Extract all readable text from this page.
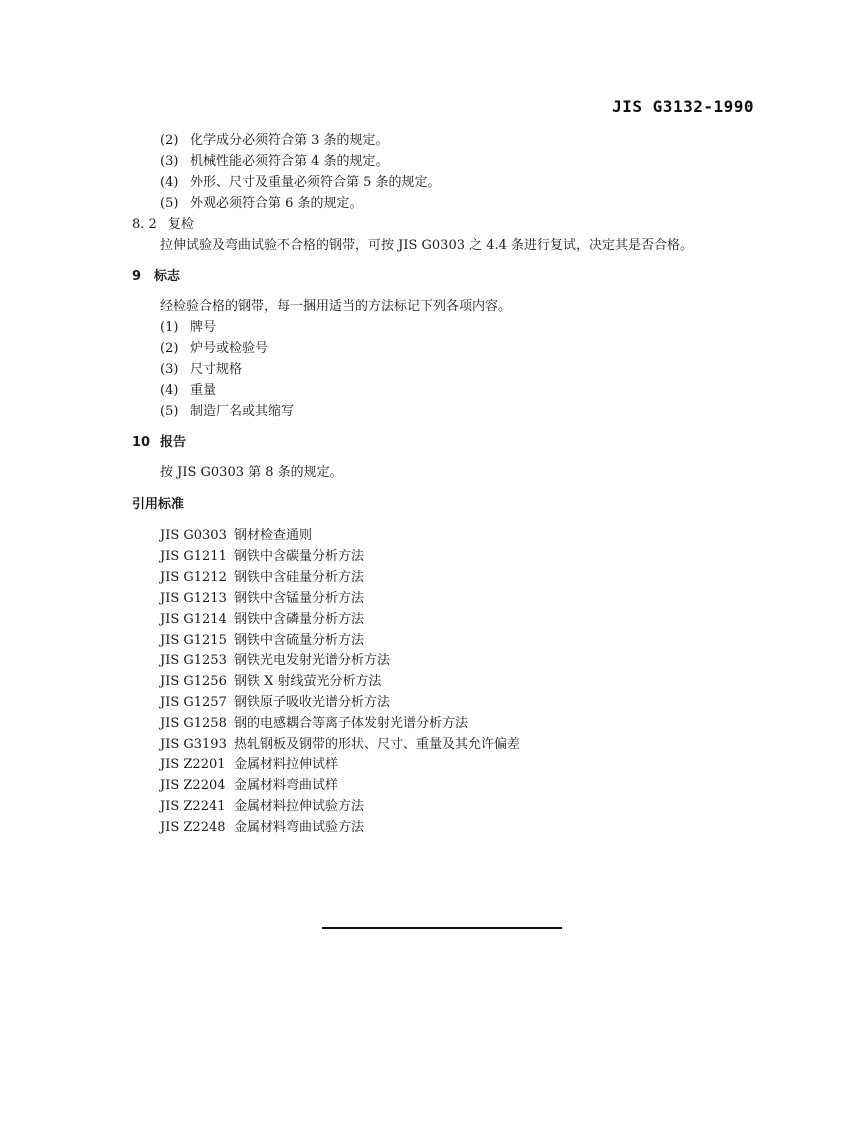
JIS G3132-1990
(2) 化学成分必须符合第 3 条的规定。
(3) 机械性能必须符合第 4 条的规定。
(4) 外形、尺寸及重量必须符合第 5 条的规定。
(5) 外观必须符合第 6 条的规定。
8. 2 复检
拉伸试验及弯曲试验不合格的钢带，可按 JIS G0303 之 4.4 条进行复试，决定其是否合格。
9 标志
经检验合格的钢带，每一捆用适当的方法标记下列各项内容。
(1) 牌号
(2) 炉号或检验号
(3) 尺寸规格
(4) 重量
(5) 制造厂名或其缩写
10 报告
按 JIS G0303 第 8 条的规定。
引用标准
JIS G0303 钢材检查通则
JIS G1211 钢铁中含碳量分析方法
JIS G1212 钢铁中含硅量分析方法
JIS G1213 钢铁中含锰量分析方法
JIS G1214 钢铁中含磷量分析方法
JIS G1215 钢铁中含硫量分析方法
JIS G1253 钢铁光电发射光谱分析方法
JIS G1256 钢铁 X 射线萤光分析方法
JIS G1257 钢铁原子吸收光谱分析方法
JIS G1258 钢的电感耦合等离子体发射光谱分析方法
JIS G3193 热轧钢板及钢带的形状、尺寸、重量及其允许偏差
JIS Z2201 金属材料拉伸试样
JIS Z2204 金属材料弯曲试样
JIS Z2241 金属材料拉伸试验方法
JIS Z2248 金属材料弯曲试验方法
